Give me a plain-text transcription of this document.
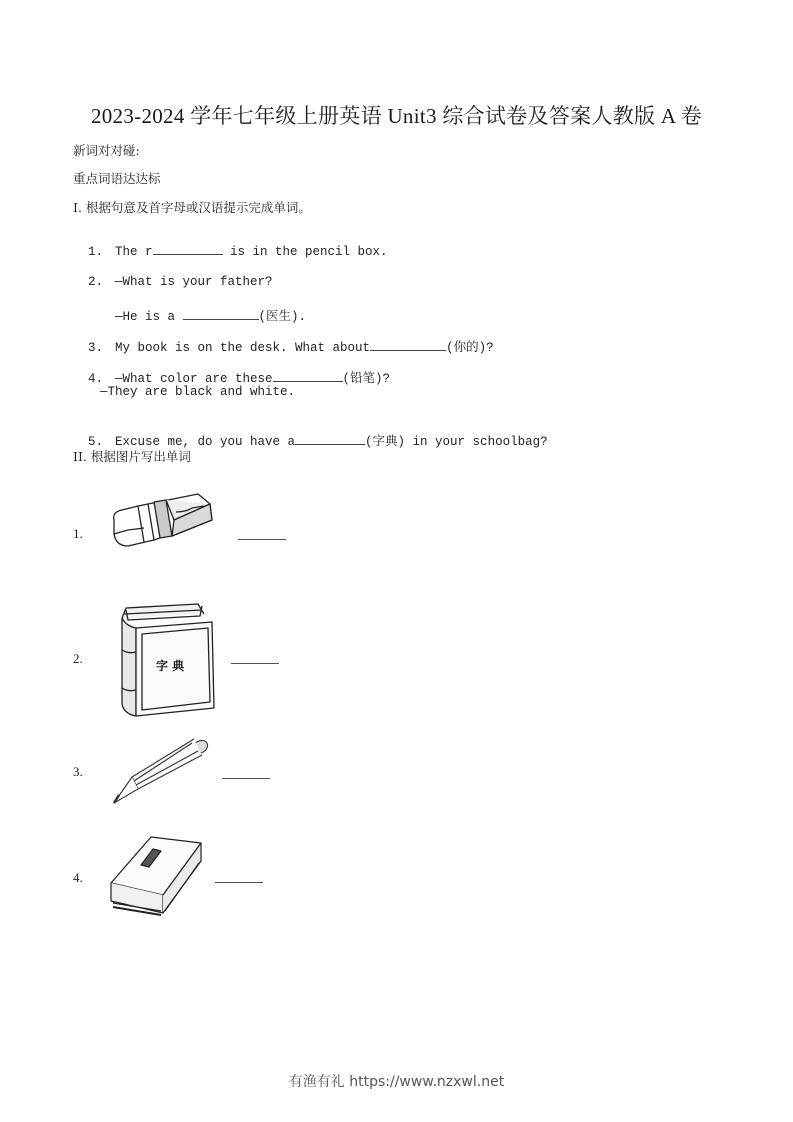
2023-2024 学年七年级上册英语 Unit3 综合试卷及答案人教版 A 卷
新词对对碰:
重点词语达达标
I. 根据句意及首字母或汉语提示完成单词。

1. The r	is in the pencil box.

2. —What is your father?

—He is a	(医生).

3. My book is on the desk. What about	(你的)?

4. —What color are these	(铅笔)?

—They are black and white.

5. Excuse me, do you have a	(字典) in your schoolbag?

II. 根据图片写出单词
1.
2.	字 典
3.
4.
有渔有礼 https://www.nzxwl.net
